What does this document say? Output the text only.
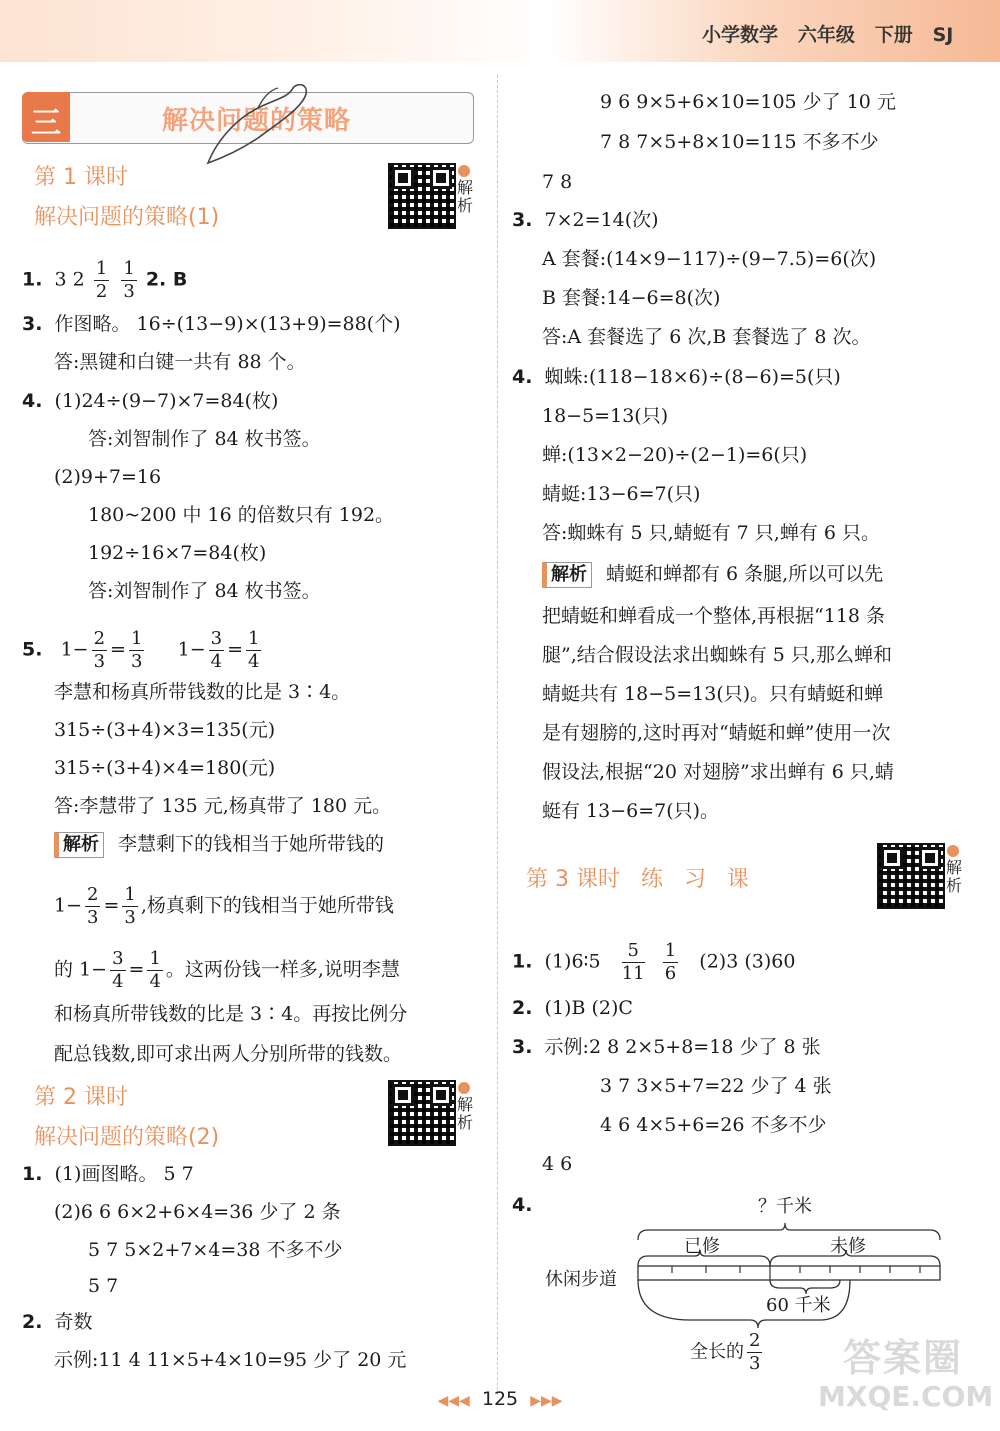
小学数学 六年级 下册 SJ
三	解决问题的策略
第 1 课时
解决问题的策略(1)
解析
1. 3 $2 \frac{1}{2}$
$\frac{1}{3} 2$. B
3. 作图略。 16÷(13−9)×(13+9)=88(个)
答:黑键和白键一共有 88 个。
4. (1)24÷(9−7)×7=84(枚)
答:刘智制作了 84 枚书签。
(2)9+7=16
180~200 中 16 的倍数只有 192。
192÷16×7=84(枚)
答:刘智制作了 84 枚书签。
5. $1- \frac{2}{3} = \frac{1}{3} 1- \frac{3}{4} = \frac{1}{4}$
李慧和杨真所带钱数的比是 3∶4。
315÷(3+4)×3=135(元)
315÷(3+4)×4=180(元)
答:李慧带了 135 元,杨真带了 180 元。
解析 李慧剩下的钱相当于她所带钱的
$1- \frac{2}{3} = \frac{1}{3}$ ,杨真剩下的钱相当于她所带钱
的 $1- \frac{3}{4} = \frac{1}{4}$ 。这两份钱一样多,说明李慧
和杨真所带钱数的比是 3∶4。再按比例分
配总钱数,即可求出两人分别所带的钱数。
第 2 课时
解决问题的策略(2)
解析
1. (1)画图略。 5 7
(2)6 6 6×2+6×4=36 少了 2 条
5 7 5×2+7×4=38 不多不少
5 7
2. 奇数
示例:11 4 11×5+4×10=95 少了 20 元
9 6 9×5+6×10=105 少了 10 元
7 8 7×5+8×10=115 不多不少
7 8
3. 7×2=14(次)
A 套餐:(14×9−117)÷(9−7.5)=6(次)
B 套餐:14−6=8(次)
答:A 套餐选了 6 次,B 套餐选了 8 次。
4. 蜘蛛:(118−18×6)÷(8−6)=5(只)
18−5=13(只)
蝉:(13×2−20)÷(2−1)=6(只)
蜻蜓:13−6=7(只)
答:蜘蛛有 5 只,蜻蜓有 7 只,蝉有 6 只。
解析 蜻蜓和蝉都有 6 条腿,所以可以先
把蜻蜓和蝉看成一个整体,再根据“118 条
腿”,结合假设法求出蜘蛛有 5 只,那么蝉和
蜻蜓共有 18−5=13(只)。只有蜻蜓和蝉
是有翅膀的,这时再对“蜻蜓和蝉”使用一次
假设法,根据“20 对翅膀”求出蝉有 6 只,蜻
蜓有 13−6=7(只)。
第 3 课时   练   习   课	解析
1. (1)6∶5 $\frac{5}{11}$
$\frac{1}{6} (2)3$ (3)60
2. (1)B (2)C
3. 示例:2 8 2×5+8=18 少了 8 张
3 7 3×5+7=22 少了 4 张
4 6 4×5+6=26 不多不少
4 6
4.	？千米
已修	未修
休闲步道
60 千米
全长的 $\frac{2}{3}$
◀◀◀ 125 ▶▶▶
答案圈
MXQE.COM
